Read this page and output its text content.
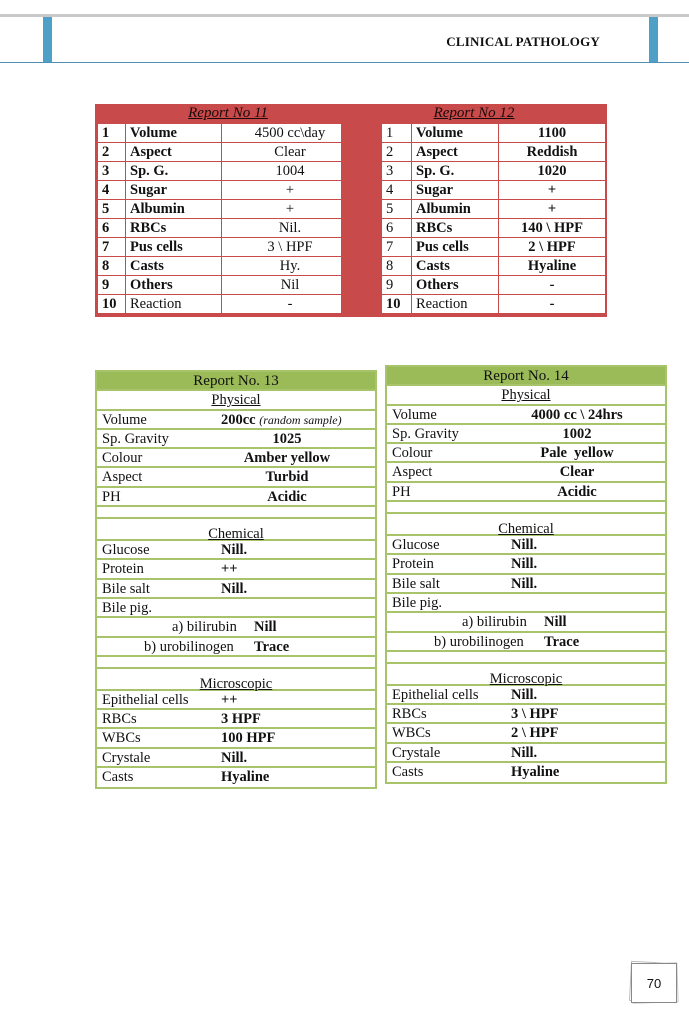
CLINICAL PATHOLOGY
Report No 11
1	Volume	4500 cc\day
2	Aspect	Clear
3	Sp. G.	1004
4	Sugar	+
5	Albumin	+
6	RBCs	Nil.
7	Pus cells	3 \ HPF
8	Casts	Hy.
9	Others	Nil
10	Reaction	-
Report No 12
1	Volume	1100
2	Aspect	Reddish
3	Sp. G.	1020
4	Sugar	+
5	Albumin	+
6	RBCs	140 \ HPF
7	Pus cells	2 \ HPF
8	Casts	Hyaline
9	Others	-
10	Reaction	-
Report No. 13
Physical
Volume	200cc (random sample)
Sp. Gravity	1025
Colour	Amber yellow
Aspect	Turbid
PH	Acidic
Chemical
Glucose	Nill.
Protein	++
Bile salt	Nill.
Bile pig.
a) bilirubin Nill
b) urobilinogen Trace
Microscopic
Epithelial cells ++
RBCs	3 HPF
WBCs	100 HPF
Crystale	Nill.
Casts	Hyaline
Report No. 14
Physical
Volume	4000 cc \ 24hrs
Sp. Gravity	1002
Colour	Pale  yellow
Aspect	Clear
PH	Acidic
Chemical
Glucose	Nill.
Protein	Nill.
Bile salt	Nill.
Bile pig.
a) bilirubin Nill
b) urobilinogen Trace
Microscopic
Epithelial cells Nill.
RBCs	3 \ HPF
WBCs	2 \ HPF
Crystale	Nill.
Casts	Hyaline
70
